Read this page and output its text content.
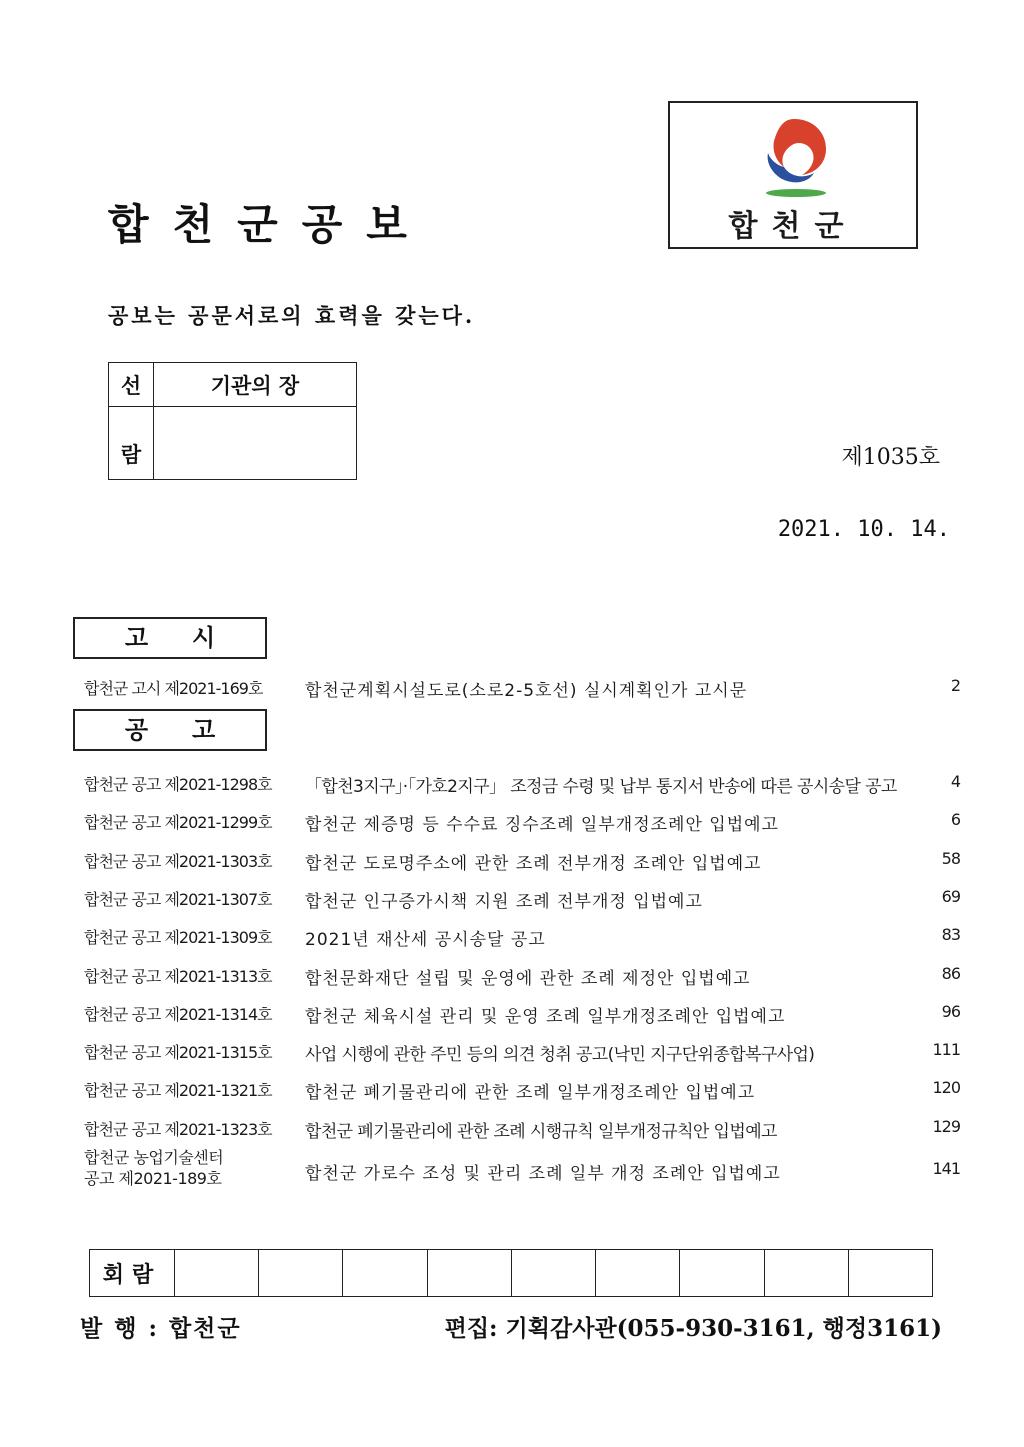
합천군공보	합천군
공보는 공문서로의 효력을 갖는다.
선	기관의 장
람		제1035호
2021. 10. 14.
고시
합천군 고시 제2021-169호	합천군계획시설도로(소로2-5호선) 실시계획인가 고시문	2
공고
합천군 공고 제2021-1298호 「합천3지구」·「가호2지구」 조정금 수령 및 납부 통지서 반송에 따른 공시송달 공고	4
합천군 공고 제2021-1299호 합천군 제증명 등 수수료 징수조례 일부개정조례안 입법예고	6
합천군 공고 제2021-1303호 합천군 도로명주소에 관한 조례 전부개정 조례안 입법예고	58
합천군 공고 제2021-1307호 합천군 인구증가시책 지원 조례 전부개정 입법예고	69
합천군 공고 제2021-1309호 2021년 재산세 공시송달 공고	83
합천군 공고 제2021-1313호 합천문화재단 설립 및 운영에 관한 조례 제정안 입법예고	86
합천군 공고 제2021-1314호 합천군 체육시설 관리 및 운영 조례 일부개정조례안 입법예고	96
합천군 공고 제2021-1315호 사업 시행에 관한 주민 등의 의견 청취 공고(낙민 지구단위종합복구사업)	111
합천군 공고 제2021-1321호 합천군 폐기물관리에 관한 조례 일부개정조례안 입법예고	120
합천군 공고 제2021-1323호 합천군 폐기물관리에 관한 조례 시행규칙 일부개정규칙안 입법예고	129
합천군 농업기술센터
공고 제2021-189호	합천군 가로수 조성 및 관리 조례 일부 개정 조례안 입법예고	141
회람									
발 행 : 합천군	편집: 기획감사관(055-930-3161, 행정3161)
